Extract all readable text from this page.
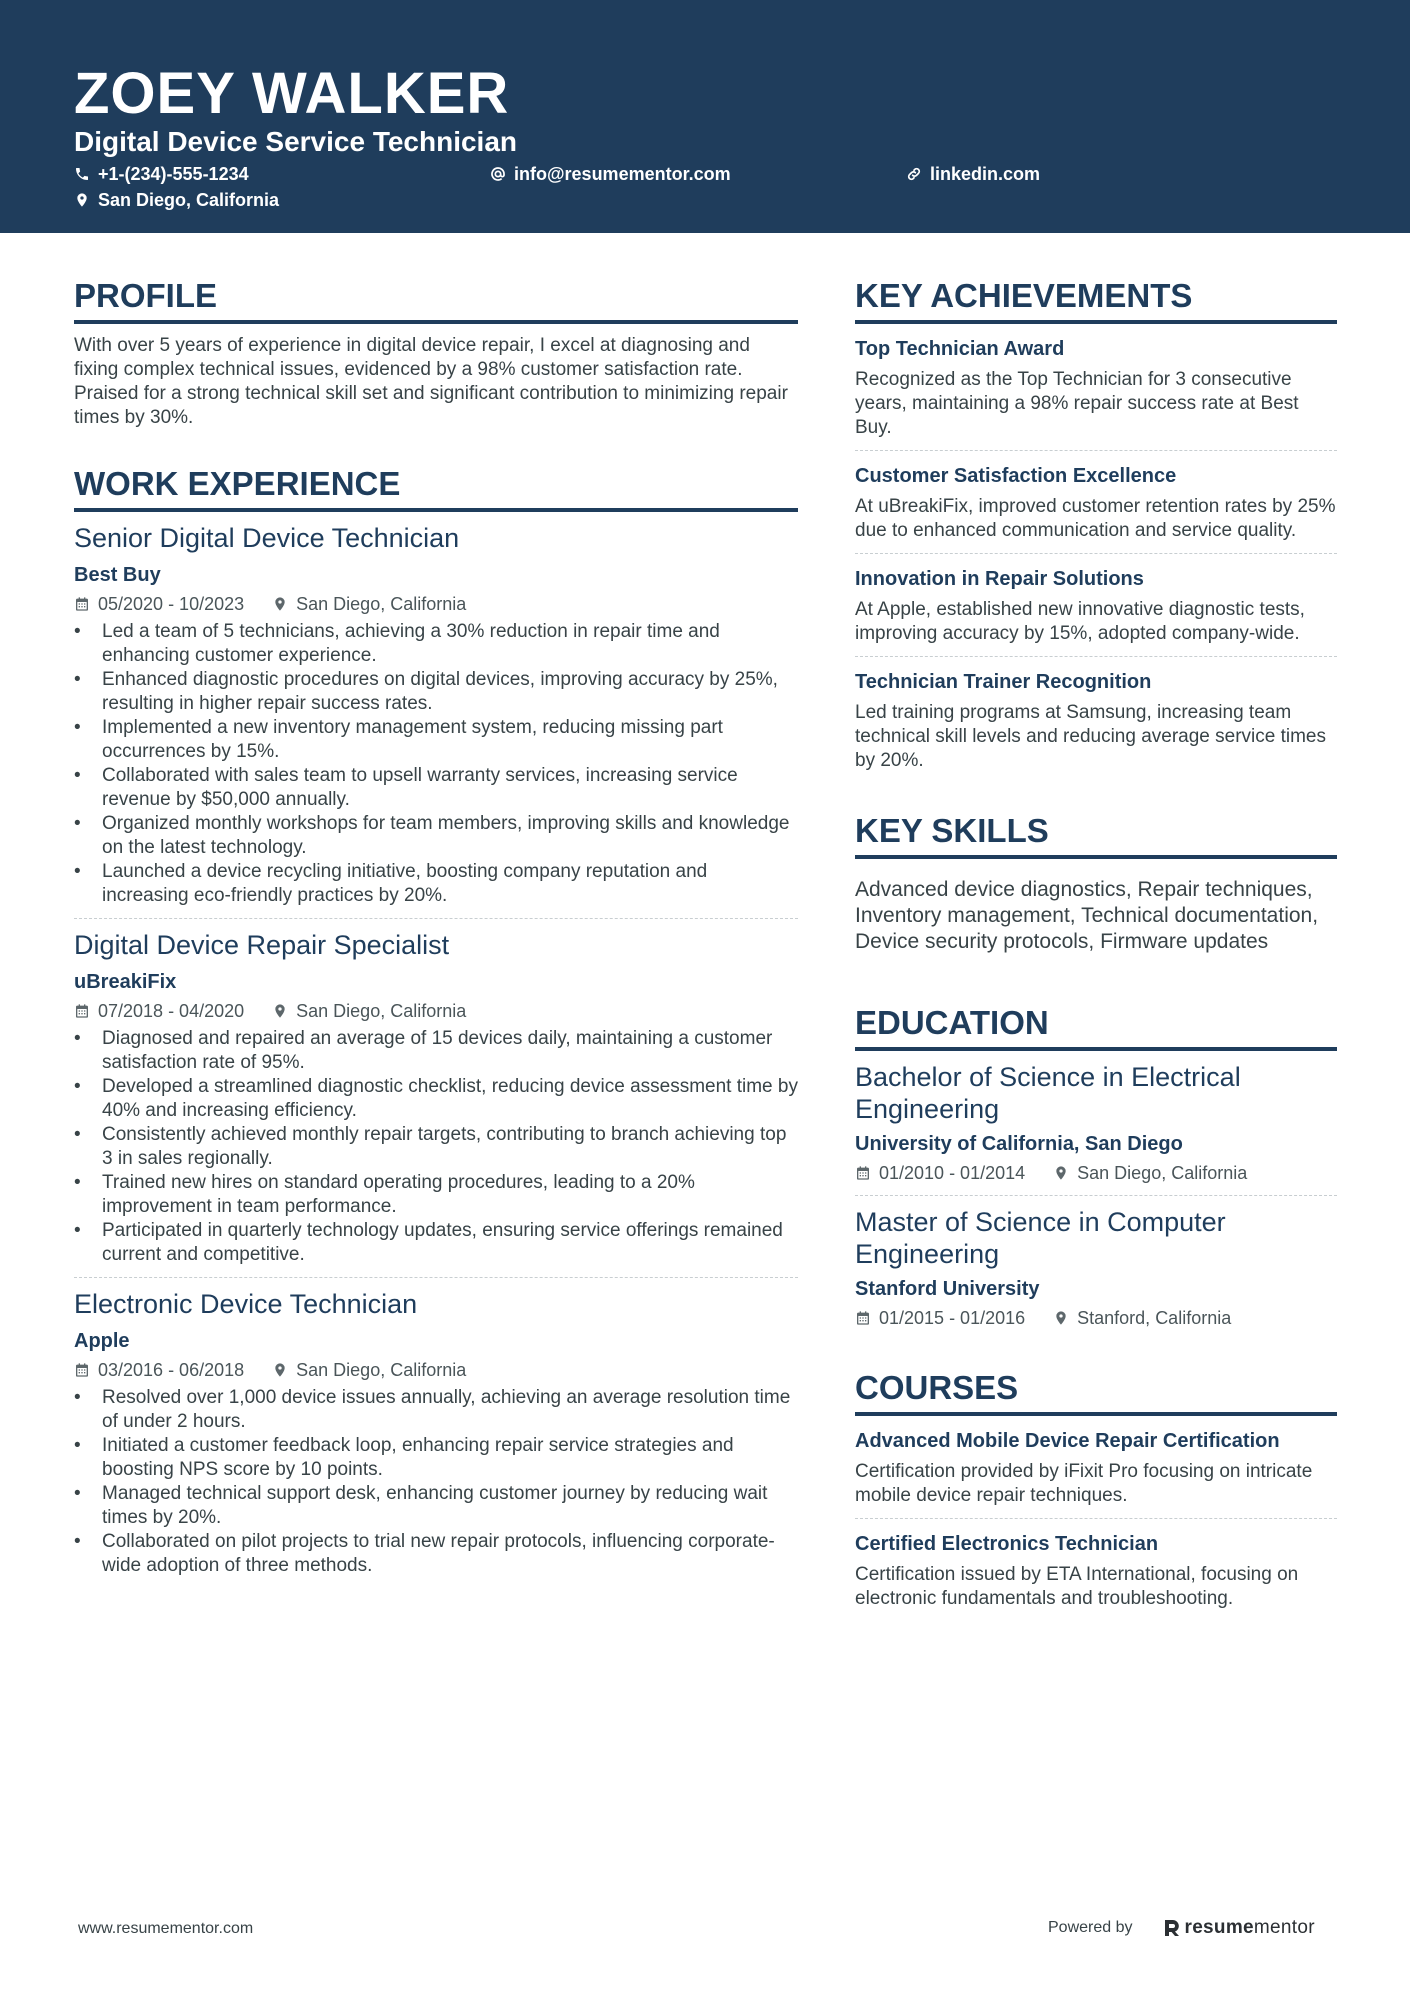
ZOEY WALKER
Digital Device Service Technician
+1-(234)-555-1234	info@resumementor.com	linkedin.com
San Diego, California
PROFILE

With over 5 years of experience in digital device repair, I excel at diagnosing and fixing complex technical issues, evidenced by a 98% customer satisfaction rate. Praised for a strong technical skill set and significant contribution to minimizing repair times by 30%.

WORK EXPERIENCE
Senior Digital Device Technician
Best Buy
05/2020 - 10/2023	San Diego, California
• Led a team of 5 technicians, achieving a 30% reduction in repair time and enhancing customer experience.
• Enhanced diagnostic procedures on digital devices, improving accuracy by 25%, resulting in higher repair success rates.
• Implemented a new inventory management system, reducing missing part occurrences by 15%.
• Collaborated with sales team to upsell warranty services, increasing service revenue by $50,000 annually.
• Organized monthly workshops for team members, improving skills and knowledge on the latest technology.
• Launched a device recycling initiative, boosting company reputation and increasing eco-friendly practices by 20%.
Digital Device Repair Specialist
uBreakiFix
07/2018 - 04/2020	San Diego, California
• Diagnosed and repaired an average of 15 devices daily, maintaining a customer satisfaction rate of 95%.
• Developed a streamlined diagnostic checklist, reducing device assessment time by 40% and increasing efficiency.
• Consistently achieved monthly repair targets, contributing to branch achieving top 3 in sales regionally.
• Trained new hires on standard operating procedures, leading to a 20% improvement in team performance.
• Participated in quarterly technology updates, ensuring service offerings remained current and competitive.
Electronic Device Technician
Apple
03/2016 - 06/2018	San Diego, California
• Resolved over 1,000 device issues annually, achieving an average resolution time of under 2 hours.
• Initiated a customer feedback loop, enhancing repair service strategies and boosting NPS score by 10 points.
• Managed technical support desk, enhancing customer journey by reducing wait times by 20%.
• Collaborated on pilot projects to trial new repair protocols, influencing corporate-wide adoption of three methods.
KEY ACHIEVEMENTS
Top Technician Award

Recognized as the Top Technician for 3 consecutive years, maintaining a 98% repair success rate at Best Buy.

Customer Satisfaction Excellence

At uBreakiFix, improved customer retention rates by 25% due to enhanced communication and service quality.

Innovation in Repair Solutions

At Apple, established new innovative diagnostic tests, improving accuracy by 15%, adopted company-wide.

Technician Trainer Recognition

Led training programs at Samsung, increasing team technical skill levels and reducing average service times by 20%.

KEY SKILLS

Advanced device diagnostics, Repair techniques, Inventory management, Technical documentation, Device security protocols, Firmware updates

EDUCATION
Bachelor of Science in Electrical Engineering
University of California, San Diego
01/2010 - 01/2014	San Diego, California
Master of Science in Computer Engineering
Stanford University
01/2015 - 01/2016	Stanford, California
COURSES
Advanced Mobile Device Repair Certification

Certification provided by iFixit Pro focusing on intricate mobile device repair techniques.

Certified Electronics Technician

Certification issued by ETA International, focusing on electronic fundamentals and troubleshooting.

www.resumementor.com	Powered by	resume mentor
